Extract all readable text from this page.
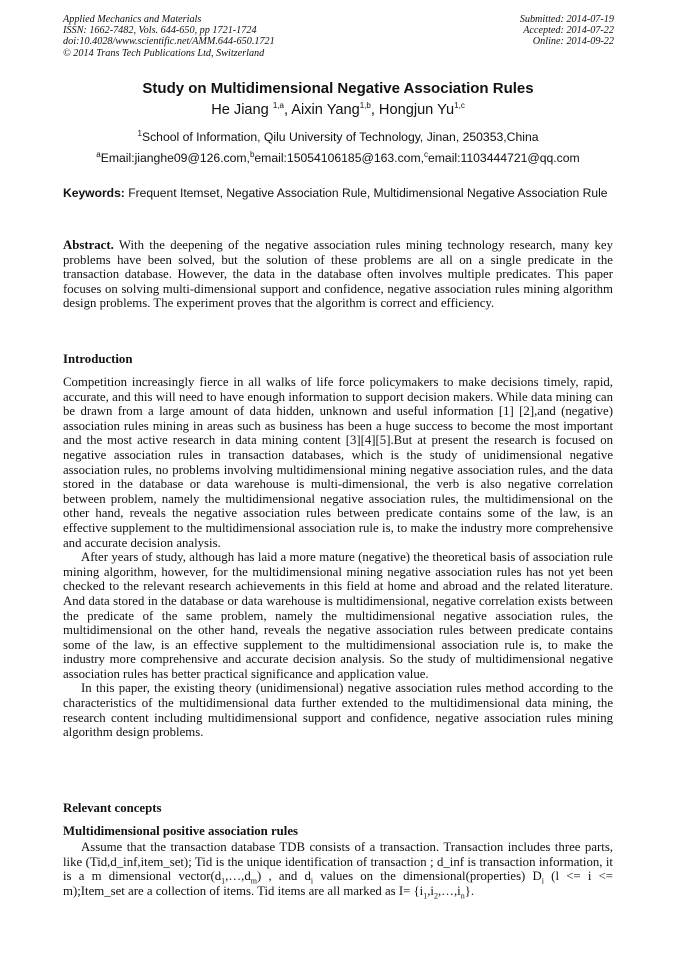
Applied Mechanics and Materials
ISSN: 1662-7482, Vols. 644-650, pp 1721-1724
doi:10.4028/www.scientific.net/AMM.644-650.1721
© 2014 Trans Tech Publications Ltd, Switzerland
Submitted: 2014-07-19
Accepted: 2014-07-22
Online: 2014-09-22
Study on Multidimensional Negative Association Rules
He Jiang $^{1,a}$, Aixin Yang$^{1,b}$, Hongjun Yu$^{1,c}$
$^1$School of Information, Qilu University of Technology, Jinan, 250353,China
$^a$Email:jianghe09@126.com,$^b$email:15054106185@163.com,$^c$email:1103444721@qq.com
Keywords: Frequent Itemset, Negative Association Rule, Multidimensional Negative Association Rule

Abstract. With the deepening of the negative association rules mining technology research, many key problems have been solved, but the solution of these problems are all on a single predicate in the transaction database. However, the data in the database often involves multiple predicates. This paper focuses on solving multi-dimensional support and confidence, negative association rules mining algorithm design problems. The experiment proves that the algorithm is correct and efficiency.

Introduction

Competition increasingly fierce in all walks of life force policymakers to make decisions timely, rapid, accurate, and this will need to have enough information to support decision makers. While data mining can be drawn from a large amount of data hidden, unknown and useful information [1] [2],and (negative) association rules mining in areas such as business has been a huge success to become the most important and the most active research in data mining content [3][4][5].But at present the research is focused on negative association rules in transaction databases, which is the study of unidimensional negative association rules, no problems involving multidimensional mining negative association rules, and the data stored in the database or data warehouse is multi-dimensional, the verb is also negative correlation between problem, namely the multidimensional negative association rules, the multidimensional on the other hand, reveals the negative association rules between predicate contains some of the law, is an effective supplement to the multidimensional association rule is, to make the industry more comprehensive and accurate decision analysis.

After years of study, although has laid a more mature (negative) the theoretical basis of association rule mining algorithm, however, for the multidimensional mining negative association rules has not yet been checked to the relevant research achievements in this field at home and abroad and the related literature. And data stored in the database or data warehouse is multidimensional, negative correlation exists between the predicate of the same problem, namely the multidimensional negative association rules, the multidimensional on the other hand, reveals the negative association rules between predicate contains some of the law, is an effective supplement to the multidimensional association rule is, to make the industry more comprehensive and accurate decision analysis. So the study of multidimensional negative association rules has better practical significance and application value.

In this paper, the existing theory (unidimensional) negative association rules method according to the characteristics of the multidimensional data further extended to the multidimensional data mining, the research content including multidimensional support and confidence, negative association rules mining algorithm design problems.

Relevant concepts
Multidimensional positive association rules

Assume that the transaction database TDB consists of a transaction. Transaction includes three parts, like (Tid,d_inf,item_set); Tid is the unique identification of transaction ; d_inf is transaction information, it is a m dimensional $vector(d_1,\dots,d_m)$ , and $d_i$ values on the dimensional(properties) $D_i$ (l <= i <= m);Item_set are a collection of items. Tid items are all marked as $I= \{i_1,i_2,\dots,i_n\}$.
